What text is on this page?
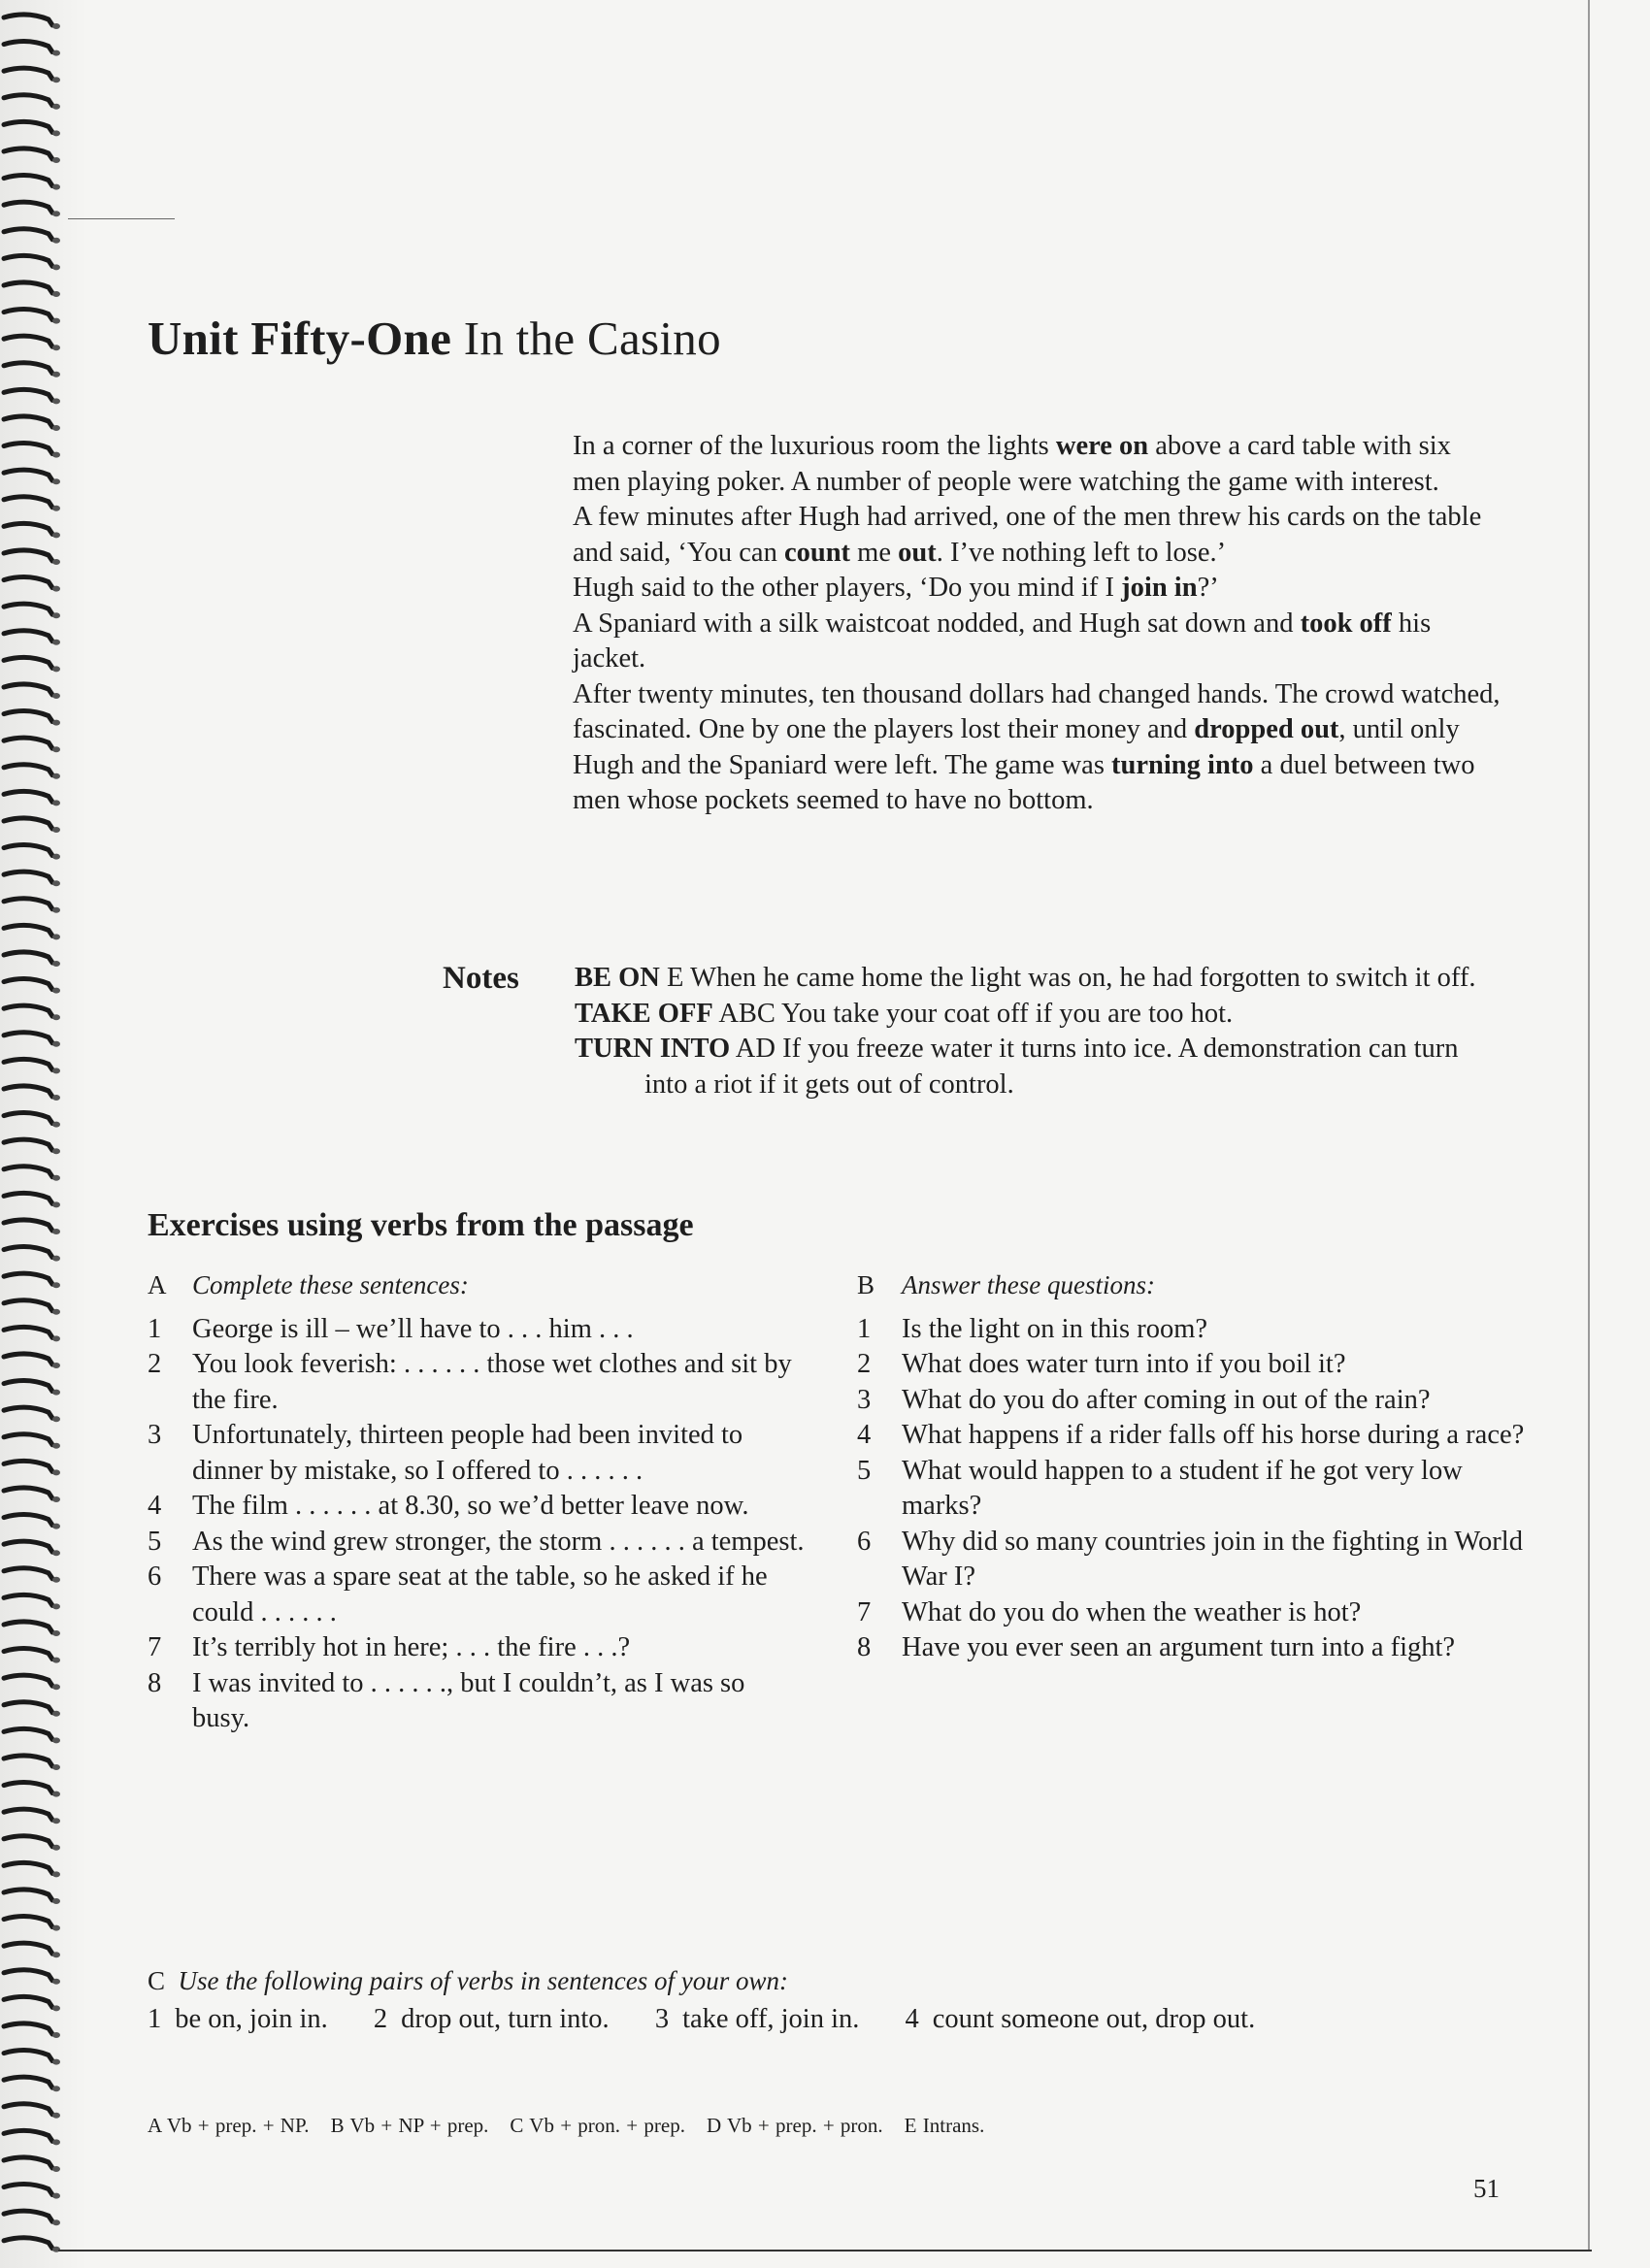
Unit Fifty-One In the Casino

In a corner of the luxurious room the lights were on above a card table with six men playing poker. A number of people were watching the game with interest.

A few minutes after Hugh had arrived, one of the men threw his cards on the table and said, ‘You can count me out. I’ve nothing left to lose.’

Hugh said to the other players, ‘Do you mind if I join in?’

A Spaniard with a silk waistcoat nodded, and Hugh sat down and took off his jacket.

After twenty minutes, ten thousand dollars had changed hands. The crowd watched, fascinated. One by one the players lost their money and dropped out, until only Hugh and the Spaniard were left. The game was turning into a duel between two men whose pockets seemed to have no bottom.

Notes BE ON E When he came home the light was on, he had forgotten to switch it off.
TAKE OFF ABC You take your coat off if you are too hot.
TURN INTO AD If you freeze water it turns into ice. A demonstration can turn into a riot if it gets out of control.
Exercises using verbs from the passage
A Complete these sentences:
1 George is ill – we’ll have to . . . him . . .
2 You look feverish: . . . . . . those wet clothes and sit by the fire.
3 Unfortunately, thirteen people had been invited to dinner by mistake, so I offered to . . . . . .
4 The film . . . . . . at 8.30, so we’d better leave now.
5 As the wind grew stronger, the storm . . . . . . a tempest.
6 There was a spare seat at the table, so he asked if he could . . . . . .
7 It’s terribly hot in here; . . . the fire . . .?
8 I was invited to . . . . . ., but I couldn’t, as I was so busy.
B Answer these questions:
1 Is the light on in this room?
2 What does water turn into if you boil it?
3 What do you do after coming in out of the rain?
4 What happens if a rider falls off his horse during a race?
5 What would happen to a student if he got very low marks?
6 Why did so many countries join in the fighting in World War I?
7 What do you do when the weather is hot?
8 Have you ever seen an argument turn into a fight?
C Use the following pairs of verbs in sentences of your own:
1 be on, join in. 2 drop out, turn into. 3 take off, join in. 4 count someone out, drop out.
A Vb + prep. + NP. B Vb + NP + prep. C Vb + pron. + prep. D Vb + prep. + pron. E Intrans.
51
